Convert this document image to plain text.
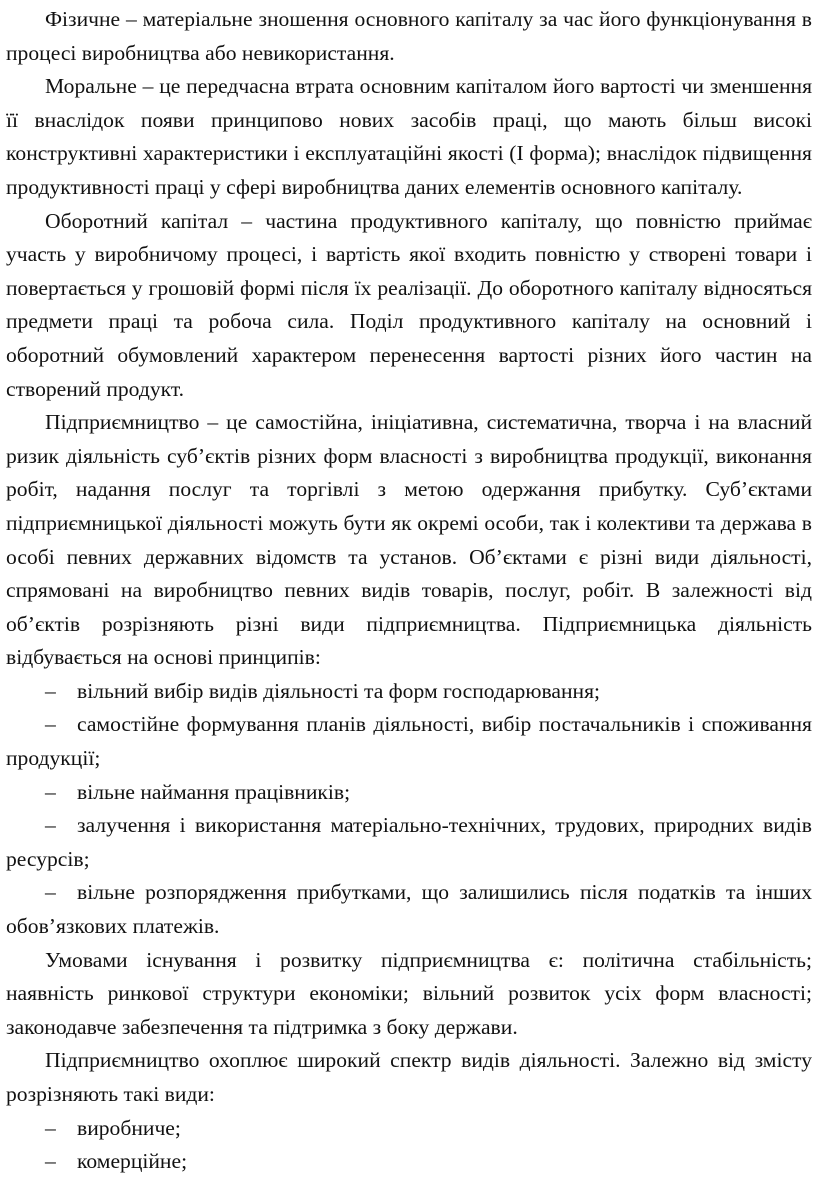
Фізичне – матеріальне зношення основного капіталу за час його функціонування в процесі виробництва або невикористання.

Моральне – це передчасна втрата основним капіталом його вартості чи зменшення її внаслідок появи принципово нових засобів праці, що мають більш високі конструктивні характеристики і експлуатаційні якості (І форма); внаслідок підвищення продуктивності праці у сфері виробництва даних елементів основного капіталу.

Оборотний капітал – частина продуктивного капіталу, що повністю приймає участь у виробничому процесі, і вартість якої входить повністю у створені товари і повертається у грошовій формі після їх реалізації. До оборотного капіталу відносяться предмети праці та робоча сила. Поділ продуктивного капіталу на основний і оборотний обумовлений характером перенесення вартості різних його частин на створений продукт.

Підприємництво – це самостійна, ініціативна, систематична, творча і на власний ризик діяльність суб’єктів різних форм власності з виробництва продукції, виконання робіт, надання послуг та торгівлі з метою одержання прибутку. Суб’єктами підприємницької діяльності можуть бути як окремі особи, так і колективи та держава в особі певних державних відомств та установ. Об’єктами є різні види діяльності, спрямовані на виробництво певних видів товарів, послуг, робіт. В залежності від об’єктів розрізняють різні види підприємництва. Підприємницька діяльність відбувається на основі принципів:

– вільний вибір видів діяльності та форм господарювання;

– самостійне формування планів діяльності, вибір постачальників і споживання продукції;

– вільне наймання працівників;

– залучення і використання матеріально-технічних, трудових, природних видів ресурсів;

– вільне розпорядження прибутками, що залишились після податків та інших обов’язкових платежів.

Умовами існування і розвитку підприємництва є: політична стабільність; наявність ринкової структури економіки; вільний розвиток усіх форм власності; законодавче забезпечення та підтримка з боку держави.

Підприємництво охоплює широкий спектр видів діяльності. Залежно від змісту розрізняють такі види:

– виробниче;

– комерційне;
